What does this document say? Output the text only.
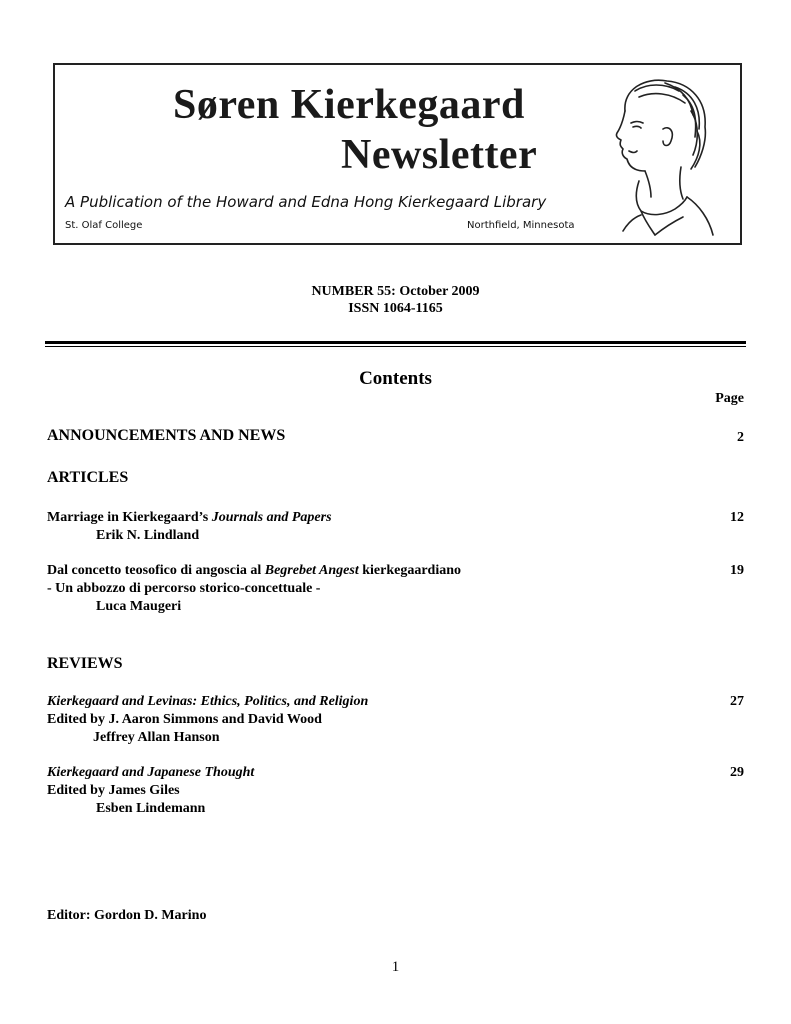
Søren Kierkegaard
Newsletter
A Publication of the Howard and Edna Hong Kierkegaard Library
St. Olaf College	Northfield, Minnesota
NUMBER 55: October 2009
ISSN 1064-1165
Contents
Page
ANNOUNCEMENTS AND NEWS	2
ARTICLES
Marriage in Kierkegaard’s Journals and Papers	12
Erik N. Lindland
Dal concetto teosofico di angoscia al Begrebet Angest kierkegaardiano	19
- Un abbozzo di percorso storico-concettuale -
Luca Maugeri
REVIEWS
Kierkegaard and Levinas: Ethics, Politics, and Religion	27
Edited by J. Aaron Simmons and David Wood
Jeffrey Allan Hanson
Kierkegaard and Japanese Thought	29
Edited by James Giles
Esben Lindemann
Editor: Gordon D. Marino
1
